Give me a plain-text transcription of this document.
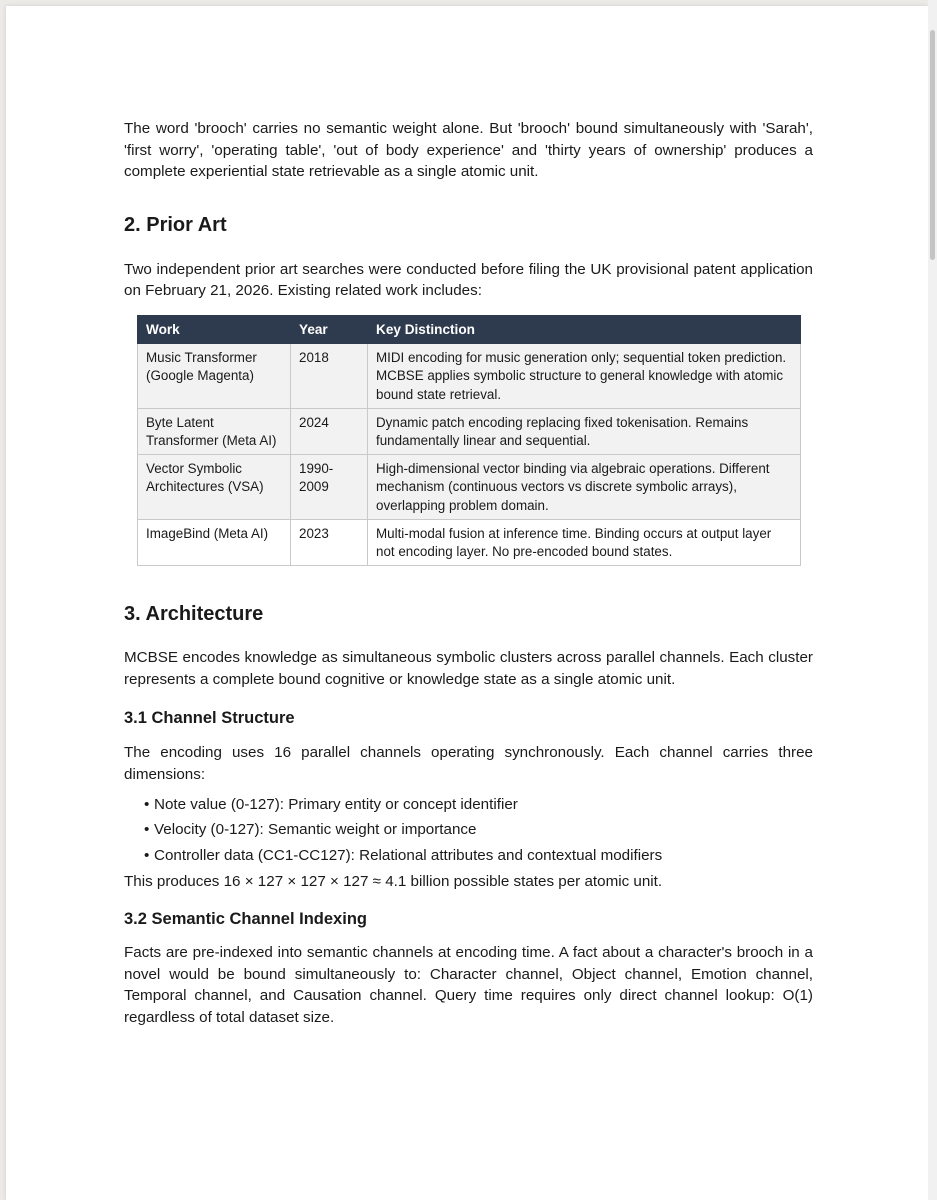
The word 'brooch' carries no semantic weight alone. But 'brooch' bound simultaneously with 'Sarah', 'first worry', 'operating table', 'out of body experience' and 'thirty years of ownership' produces a complete experiential state retrievable as a single atomic unit.

2. Prior Art

Two independent prior art searches were conducted before filing the UK provisional patent application on February 21, 2026. Existing related work includes:

Work	Year	Key Distinction
Music Transformer (Google Magenta)	2018	MIDI encoding for music generation only; sequential token prediction. MCBSE applies symbolic structure to general knowledge with atomic bound state retrieval.
Byte Latent Transformer (Meta AI)	2024	Dynamic patch encoding replacing fixed tokenisation. Remains fundamentally linear and sequential.
Vector Symbolic Architectures (VSA)	1990-2009	High-dimensional vector binding via algebraic operations. Different mechanism (continuous vectors vs discrete symbolic arrays), overlapping problem domain.
ImageBind (Meta AI)	2023	Multi-modal fusion at inference time. Binding occurs at output layer not encoding layer. No pre-encoded bound states.
3. Architecture

MCBSE encodes knowledge as simultaneous symbolic clusters across parallel channels. Each cluster represents a complete bound cognitive or knowledge state as a single atomic unit.

3.1 Channel Structure

The encoding uses 16 parallel channels operating synchronously. Each channel carries three dimensions:

• Note value (0-127): Primary entity or concept identifier
• Velocity (0-127): Semantic weight or importance
• Controller data (CC1-CC127): Relational attributes and contextual modifiers

This produces 16 × 127 × 127 × 127 ≈ 4.1 billion possible states per atomic unit.

3.2 Semantic Channel Indexing

Facts are pre-indexed into semantic channels at encoding time. A fact about a character's brooch in a novel would be bound simultaneously to: Character channel, Object channel, Emotion channel, Temporal channel, and Causation channel. Query time requires only direct channel lookup: O(1) regardless of total dataset size.
